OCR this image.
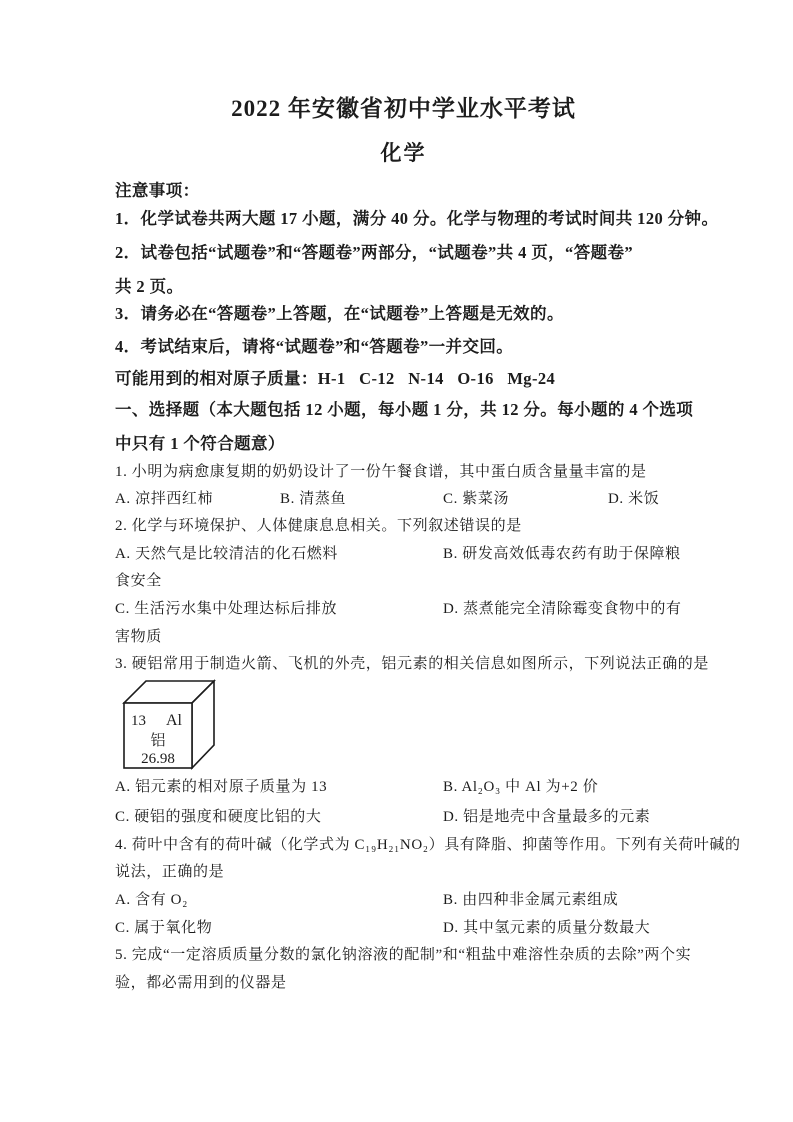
2022 年安徽省初中学业水平考试
化学
注意事项：
1．化学试卷共两大题 17 小题，满分 40 分。化学与物理的考试时间共 120 分钟。
2．试卷包括“试题卷”和“答题卷”两部分，“试题卷”共 4 页，“答题卷”
共 2 页。
3．请务必在“答题卷”上答题，在“试题卷”上答题是无效的。
4．考试结束后，请将“试题卷”和“答题卷”一并交回。
可能用到的相对原子质量：H-1   C-12   N-14   O-16   Mg-24
一、选择题（本大题包括 12 小题，每小题 1 分，共 12 分。每小题的 4 个选项
中只有 1 个符合题意）
1. 小明为病愈康复期的奶奶设计了一份午餐食谱，其中蛋白质含量量丰富的是
A. 凉拌西红柿	B. 清蒸鱼	C. 紫菜汤	D. 米饭
2. 化学与环境保护、人体健康息息相关。下列叙述错误的是
A. 天然气是比较清洁的化石燃料	B. 研发高效低毒农药有助于保障粮
食安全
C. 生活污水集中处理达标后排放	D. 蒸煮能完全清除霉变食物中的有
害物质
3. 硬铝常用于制造火箭、飞机的外壳，铝元素的相关信息如图所示，下列说法正确的是
13 Al
铝
26.98
A. 铝元素的相对原子质量为 13	B. Al₂O₃ 中 Al 为+2 价
C. 硬铝的强度和硬度比铝的大	D. 铝是地壳中含量最多的元素
4. 荷叶中含有的荷叶碱（化学式为 C₁₉H₂₁NO₂）具有降脂、抑菌等作用。下列有关荷叶碱的
说法，正确的是
A. 含有 O₂	B. 由四种非金属元素组成
C. 属于氧化物	D. 其中氢元素的质量分数最大
5. 完成“一定溶质质量分数的氯化钠溶液的配制”和“粗盐中难溶性杂质的去除”两个实
验，都必需用到的仪器是
